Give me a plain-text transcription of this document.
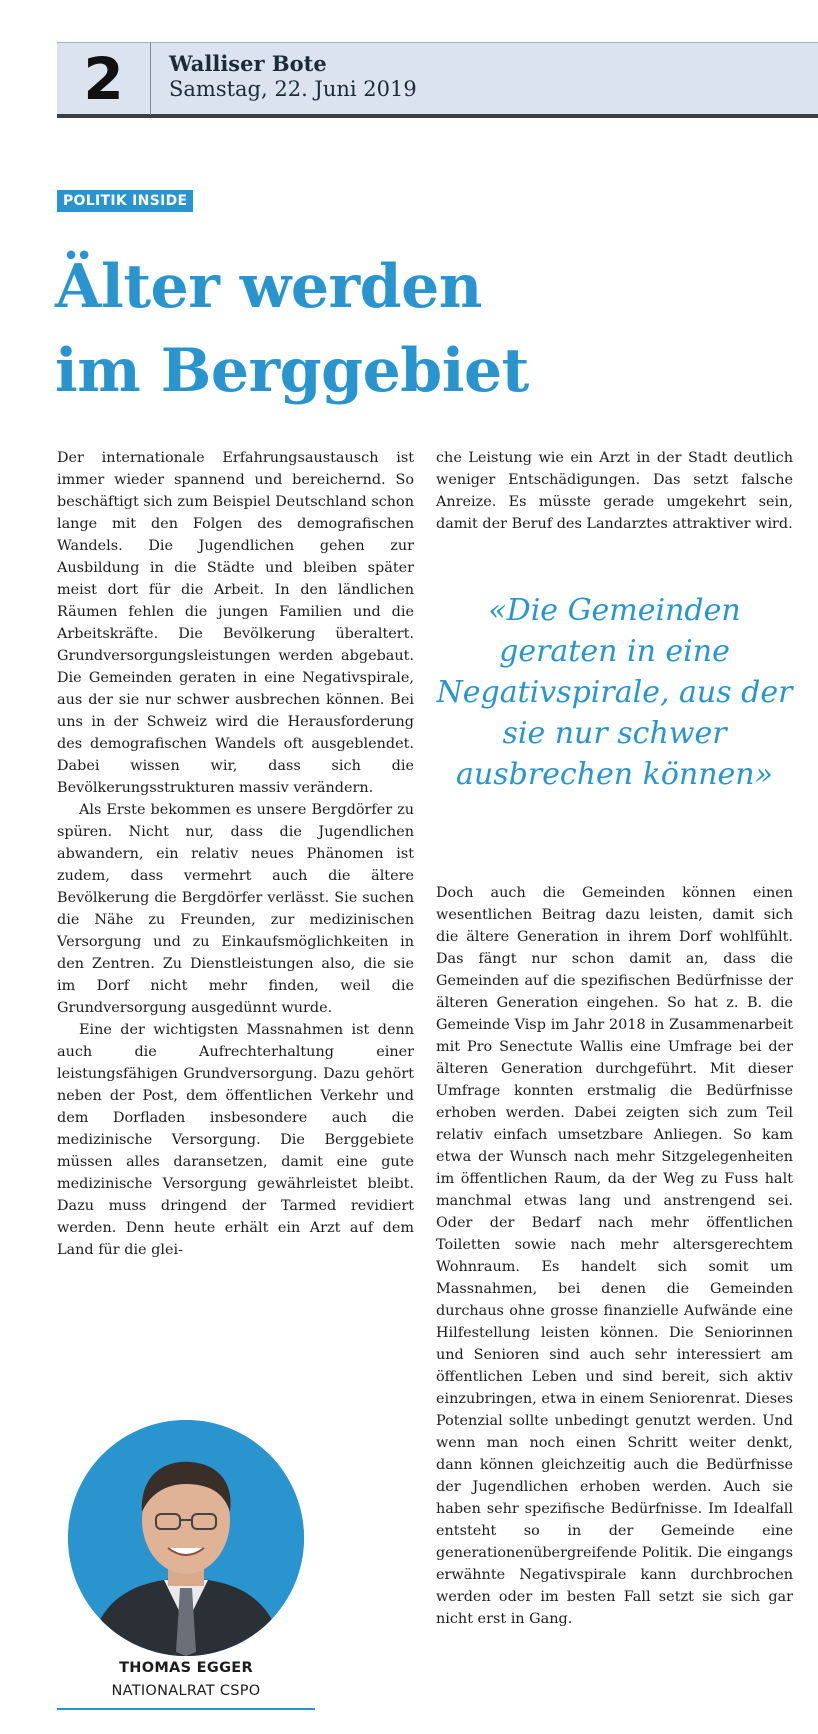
2	Walliser Bote
Samstag, 22. Juni 2019
POLITIK INSIDE
Älter werden
im Berggebiet

Der internationale Erfahrungsaustausch ist immer wieder spannend und bereichernd. So beschäftigt sich zum Beispiel Deutschland schon lange mit den Folgen des demografischen Wandels. Die Jugendlichen gehen zur Ausbildung in die Städte und bleiben später meist dort für die Arbeit. In den ländlichen Räumen fehlen die jungen Familien und die Arbeitskräfte. Die Bevölkerung überaltert. Grundversorgungsleistungen werden abgebaut. Die Gemeinden geraten in eine Negativspirale, aus der sie nur schwer ausbrechen können. Bei uns in der Schweiz wird die Herausforderung des demografischen Wandels oft ausgeblendet. Dabei wissen wir, dass sich die Bevölkerungsstrukturen massiv verändern.

Als Erste bekommen es unsere Bergdörfer zu spüren. Nicht nur, dass die Jugendlichen abwandern, ein relativ neues Phänomen ist zudem, dass vermehrt auch die ältere Bevölkerung die Bergdörfer verlässt. Sie suchen die Nähe zu Freunden, zur medizinischen Versorgung und zu Einkaufsmöglichkeiten in den Zentren. Zu Dienstleistungen also, die sie im Dorf nicht mehr finden, weil die Grundversorgung ausgedünnt wurde.

Eine der wichtigsten Massnahmen ist denn auch die Aufrechterhaltung einer leistungsfähigen Grundversorgung. Dazu gehört neben der Post, dem öffentlichen Verkehr und dem Dorfladen insbesondere auch die medizinische Versorgung. Die Berggebiete müssen alles daransetzen, damit eine gute medizinische Versorgung gewährleistet bleibt. Dazu muss dringend der Tarmed revidiert werden. Denn heute erhält ein Arzt auf dem Land für die glei-

che Leistung wie ein Arzt in der Stadt deutlich weniger Entschädigungen. Das setzt falsche Anreize. Es müsste gerade umgekehrt sein, damit der Beruf des Landarztes attraktiver wird.

«Die Gemeinden geraten in eine Negativspirale, aus der sie nur schwer ausbrechen können»

Doch auch die Gemeinden können einen wesentlichen Beitrag dazu leisten, damit sich die ältere Generation in ihrem Dorf wohlfühlt. Das fängt nur schon damit an, dass die Gemeinden auf die spezifischen Bedürfnisse der älteren Generation eingehen. So hat z. B. die Gemeinde Visp im Jahr 2018 in Zusammenarbeit mit Pro Senectute Wallis eine Umfrage bei der älteren Generation durchgeführt. Mit dieser Umfrage konnten erstmalig die Bedürfnisse erhoben werden. Dabei zeigten sich zum Teil relativ einfach umsetzbare Anliegen. So kam etwa der Wunsch nach mehr Sitzgelegenheiten im öffentlichen Raum, da der Weg zu Fuss halt manchmal etwas lang und anstrengend sei. Oder der Bedarf nach mehr öffentlichen Toiletten sowie nach mehr altersgerechtem Wohnraum. Es handelt sich somit um Massnahmen, bei denen die Gemeinden durchaus ohne grosse finanzielle Aufwände eine Hilfestellung leisten können. Die Seniorinnen und Senioren sind auch sehr interessiert am öffentlichen Leben und sind bereit, sich aktiv einzubringen, etwa in einem Seniorenrat. Dieses Potenzial sollte unbedingt genutzt werden. Und wenn man noch einen Schritt weiter denkt, dann können gleichzeitig auch die Bedürfnisse der Jugendlichen erhoben werden. Auch sie haben sehr spezifische Bedürfnisse. Im Idealfall entsteht so in der Gemeinde eine generationenübergreifende Politik. Die eingangs erwähnte Negativspirale kann durchbrochen werden oder im besten Fall setzt sie sich gar nicht erst in Gang.

THOMAS EGGER
NATIONALRAT CSPO
